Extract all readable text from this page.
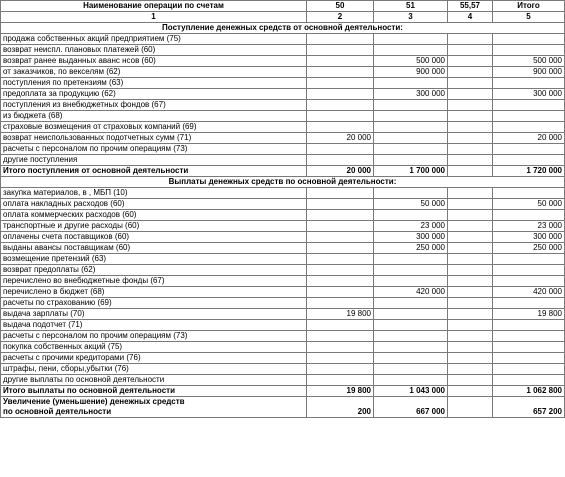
Наименование операции по счетам	50	51	55,57	Итого
1	2	3	4	5
Поступление денежных средств от основной деятельности:				
продажа собственных акций предприятием (75)				
возврат неиспл. плановых платежей (60)				
возврат ранее выданных аванс нсов (60)		500 000		500 000
от заказчиков, по векселям (62)		900 000		900 000
поступления по претензиям (63)				
предоплата за продукцию (62)		300 000		300 000
поступления из внебюджетных фондов (67)				
из бюджета (68)				
страховые возмещения от страховых компаний (69)				
возврат неиспользованных подотчетных сумм (71)	20 000			20 000
расчеты с персоналом по прочим операциям (73)				
другие поступления				
Итого поступления от основной деятельности	20 000	1 700 000		1 720 000
Выплаты денежных средств по основной деятельности:				
закупка материалов, в , МБП (10)				
оплата накладных расходов (60)		50 000		50 000
оплата коммерческих расходов (60)				
транспортные и другие расходы (60)		23 000		23 000
оплачены счета поставщиков (60)		300 000		300 000
выданы авансы поставщикам (60)		250 000		250 000
возмещение претензий (63)				
возврат предоплаты (62)				
перечислено во внебюджетные фонды (67)				
перечислено в бюджет (68)		420 000		420 000
расчеты по страхованию (69)				
выдача зарплаты (70)	19 800			19 800
выдача подотчет (71)				
расчеты с персоналом по прочим операциям (73)				
покупка собственных акций (75)				
расчеты с прочими кредиторами (76)				
штрафы, пени, сборы,убытки (76)				
другие выплаты по основной деятельности				
Итого выплаты по основной деятельности	19 800	1 043 000		1 062 800
Увеличение (уменьшение) денежных средств				
по основной деятельности	200	667 000		657 200
